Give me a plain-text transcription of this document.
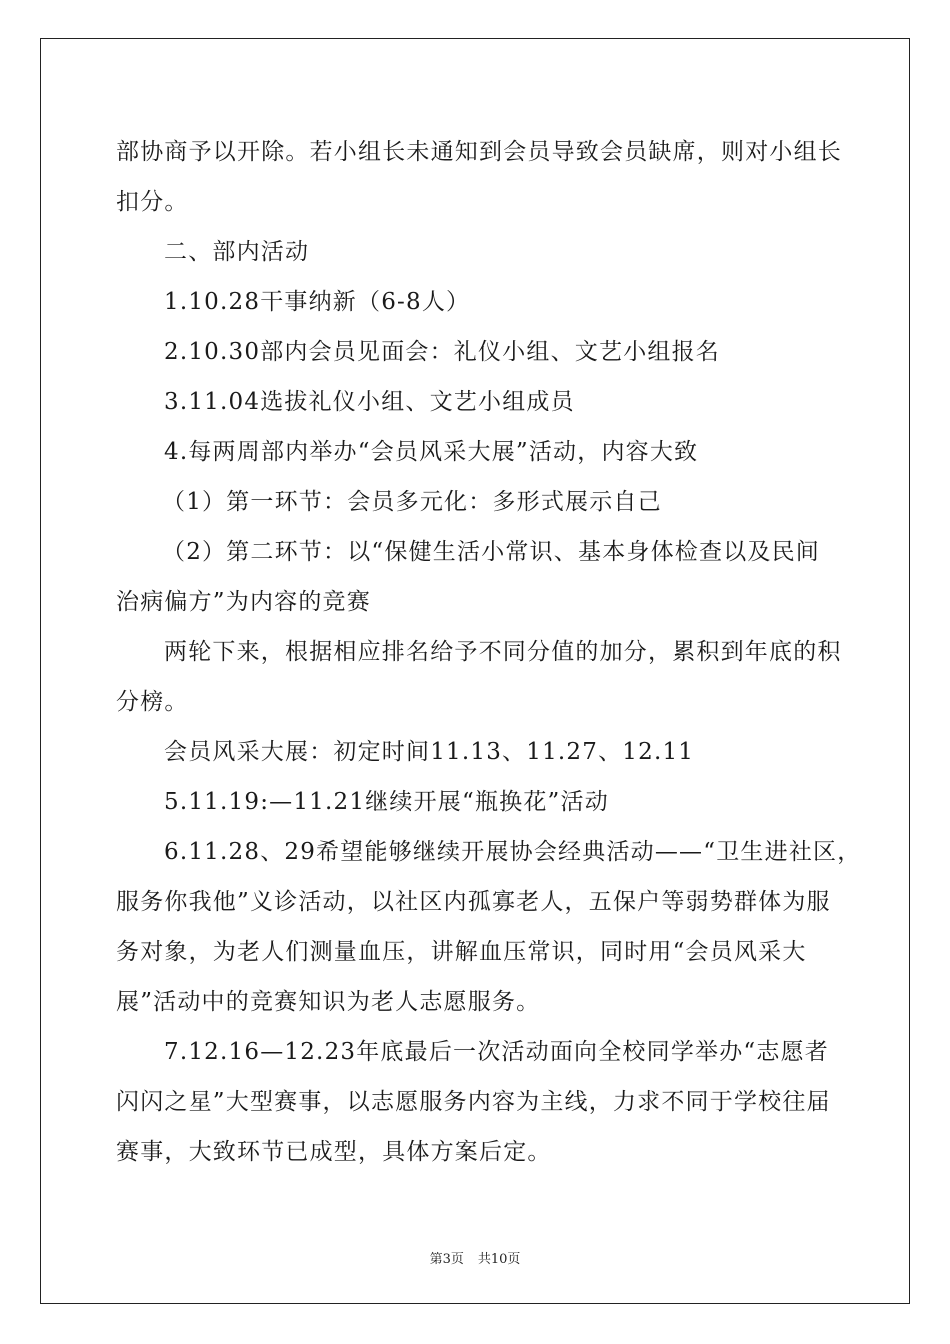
部协商予以开除。若小组长未通知到会员导致会员缺席，则对小组长
扣分。
二、部内活动
1.10.28干事纳新（6-8人）
2.10.30部内会员见面会：礼仪小组、文艺小组报名
3.11.04选拔礼仪小组、文艺小组成员
4.每两周部内举办“会员风采大展”活动，内容大致
（1）第一环节：会员多元化：多形式展示自己
（2）第二环节：以“保健生活小常识、基本身体检查以及民间
治病偏方”为内容的竞赛
两轮下来，根据相应排名给予不同分值的加分，累积到年底的积
分榜。
会员风采大展：初定时间11.13、11.27、12.11
5.11.19:—11.21继续开展“瓶换花”活动
6.11.28、29希望能够继续开展协会经典活动——“卫生进社区，
服务你我他”义诊活动，以社区内孤寡老人，五保户等弱势群体为服
务对象，为老人们测量血压，讲解血压常识，同时用“会员风采大
展”活动中的竞赛知识为老人志愿服务。
7.12.16—12.23年底最后一次活动面向全校同学举办“志愿者
闪闪之星”大型赛事，以志愿服务内容为主线，力求不同于学校往届
赛事，大致环节已成型，具体方案后定。
第3页 共10页
